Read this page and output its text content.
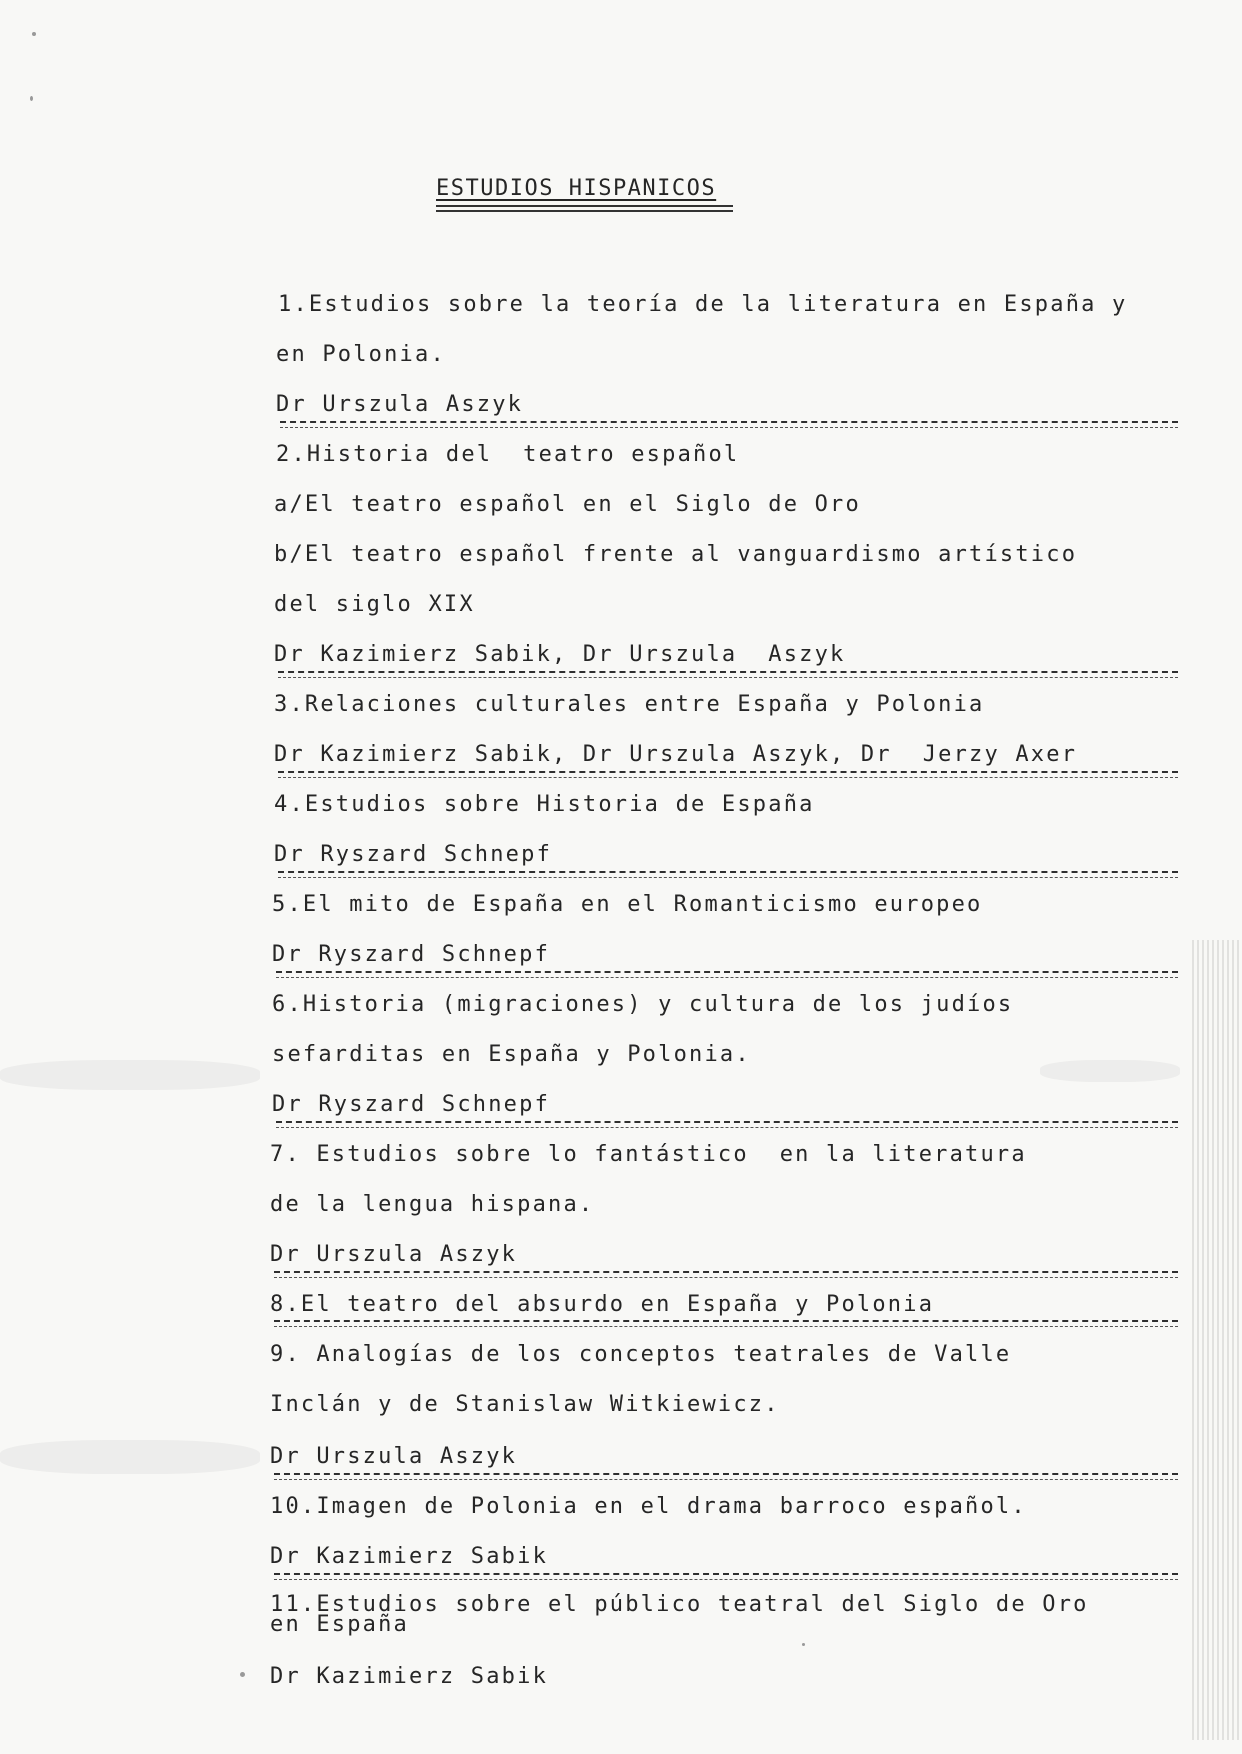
ESTUDIOS HISPANICOS
1.Estudios sobre la teoría de la literatura en España y
en Polonia.
Dr Urszula Aszyk
2.Historia del  teatro español
a/El teatro español en el Siglo de Oro
b/El teatro español frente al vanguardismo artístico
del siglo XIX
Dr Kazimierz Sabik, Dr Urszula  Aszyk
3.Relaciones culturales entre España y Polonia
Dr Kazimierz Sabik, Dr Urszula Aszyk, Dr  Jerzy Axer
4.Estudios sobre Historia de España
Dr Ryszard Schnepf
5.El mito de España en el Romanticismo europeo
Dr Ryszard Schnepf
6.Historia (migraciones) y cultura de los judíos
sefarditas en España y Polonia.
Dr Ryszard Schnepf
7. Estudios sobre lo fantástico  en la literatura
de la lengua hispana.
Dr Urszula Aszyk
8.El teatro del absurdo en España y Polonia
9. Analogías de los conceptos teatrales de Valle
Inclán y de Stanislaw Witkiewicz.
Dr Urszula Aszyk
10.Imagen de Polonia en el drama barroco español.
Dr Kazimierz Sabik
11.Estudios sobre el público teatral del Siglo de Oro
en España
Dr Kazimierz Sabik
